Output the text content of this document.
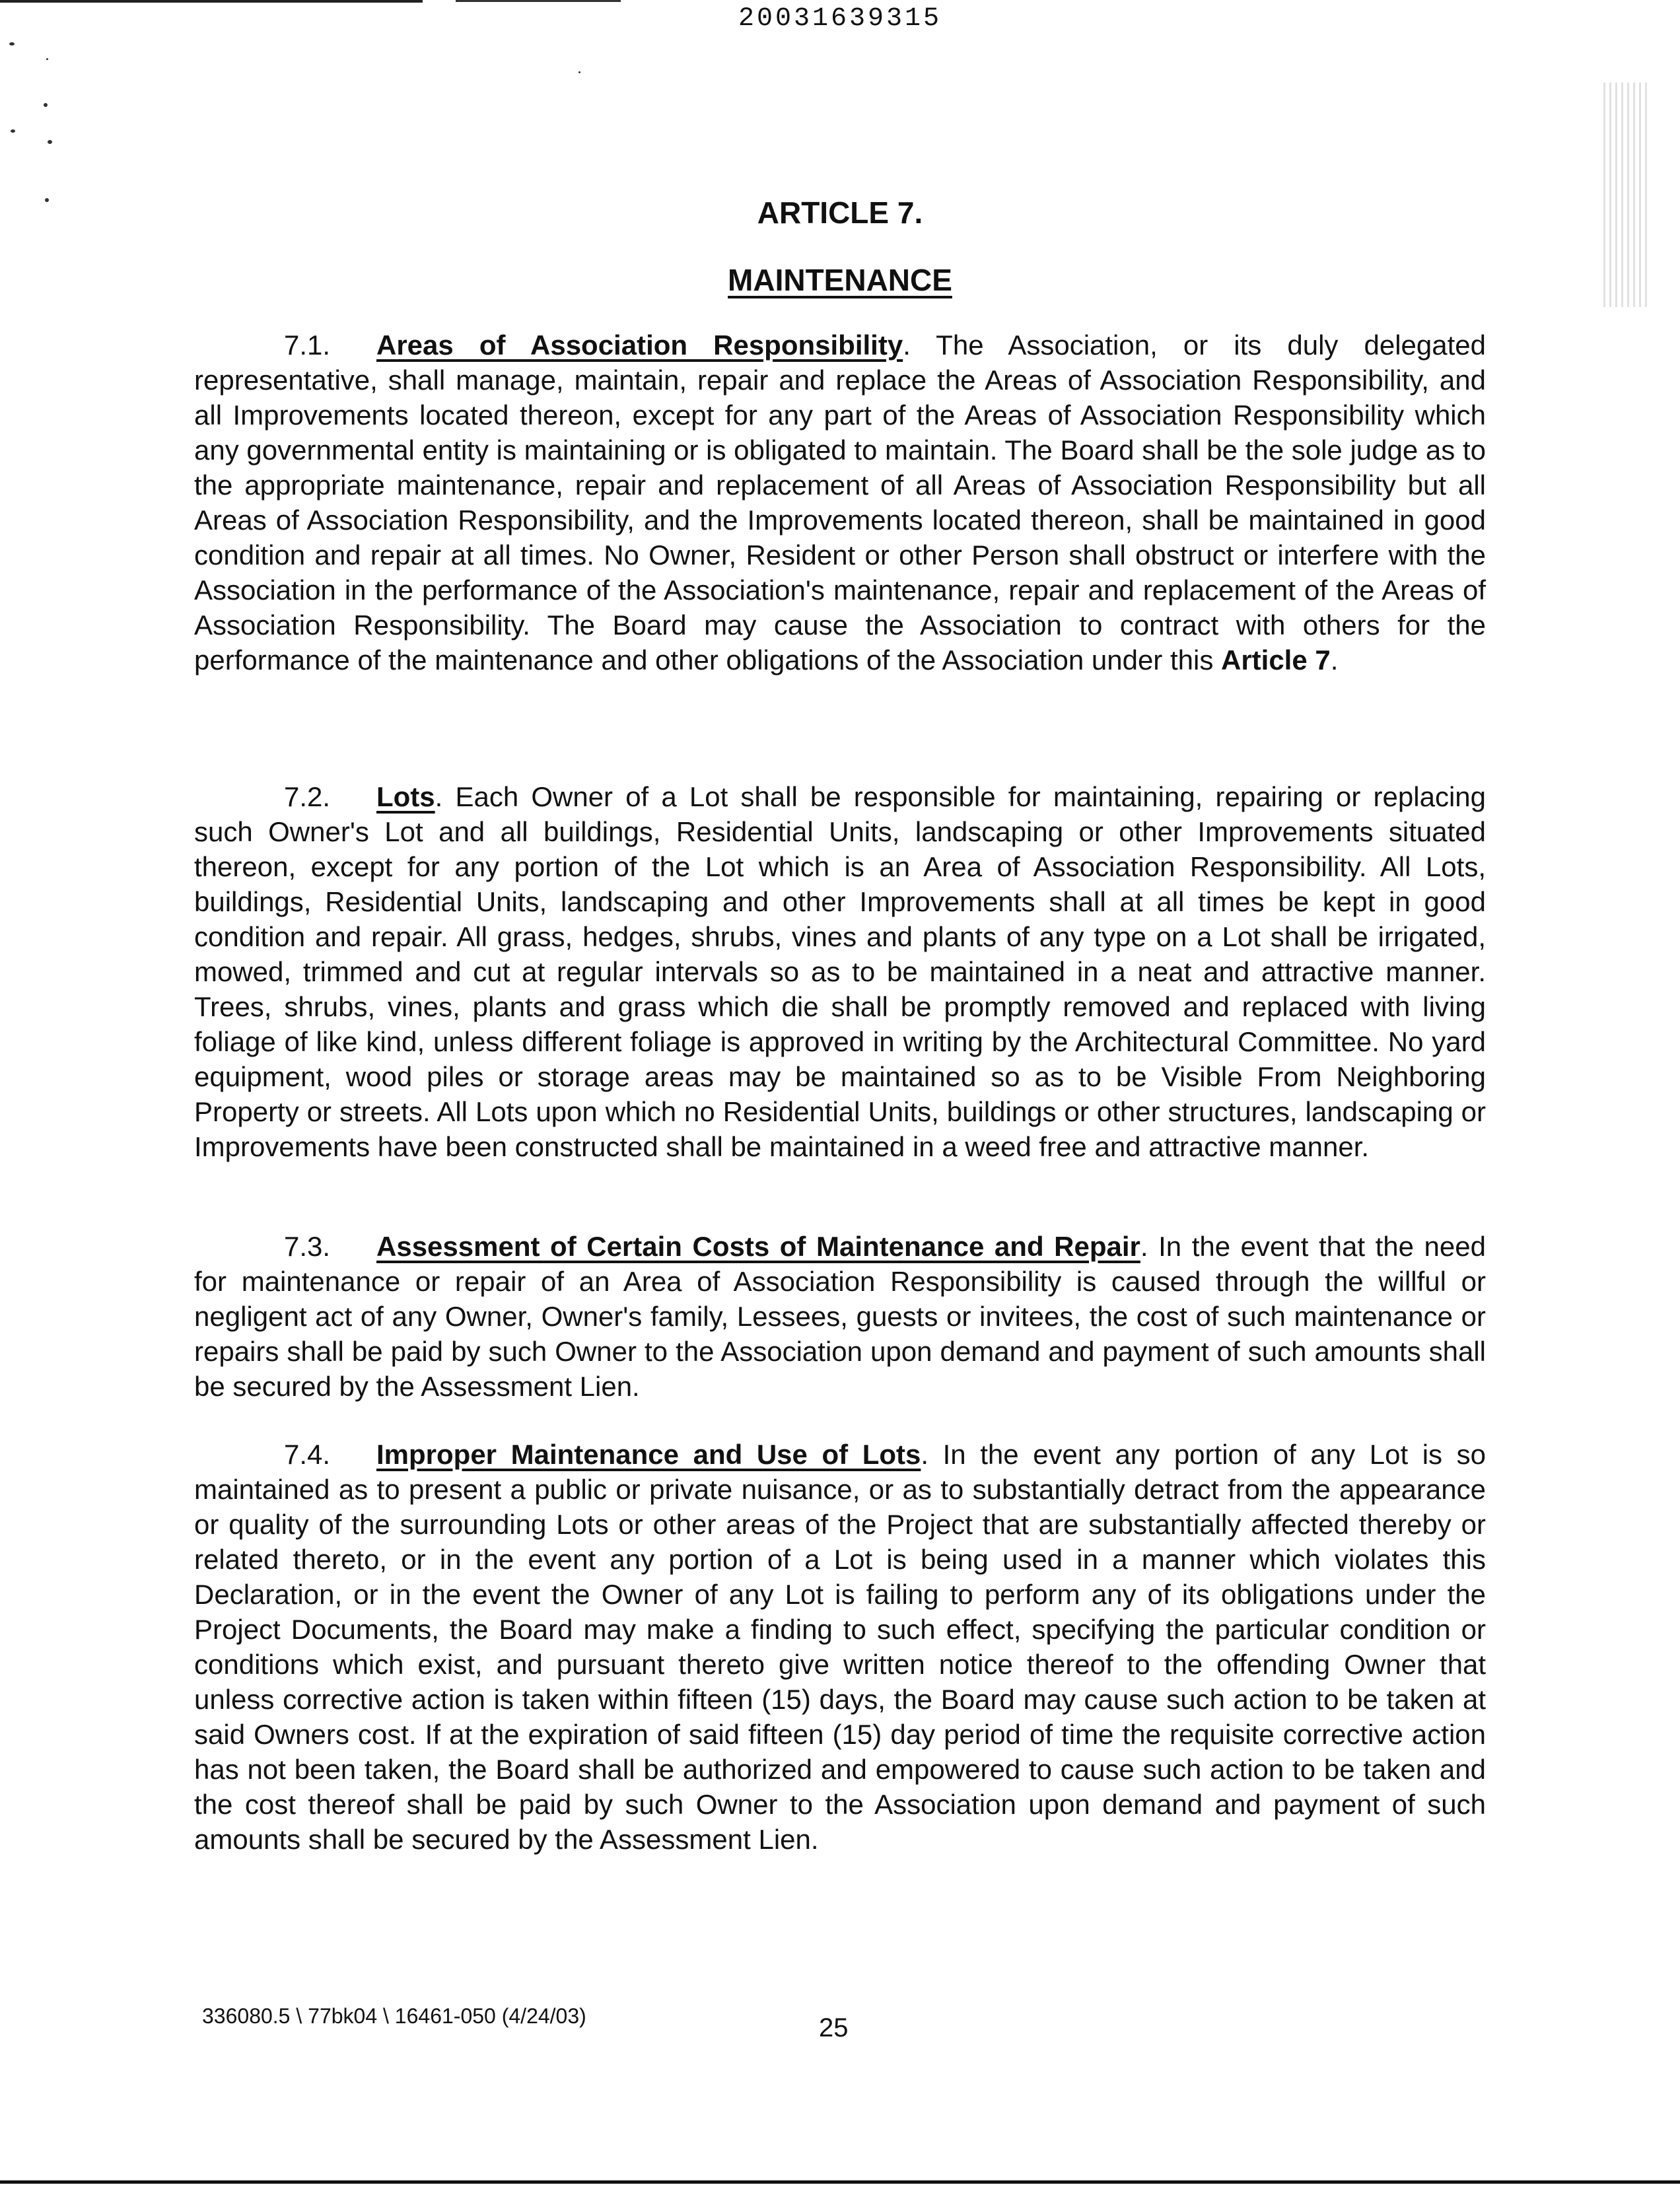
20031639315
ARTICLE 7.
MAINTENANCE

7.1. Areas of Association Responsibility. The Association, or its duly delegated representative, shall manage, maintain, repair and replace the Areas of Association Responsibility, and all Improvements located thereon, except for any part of the Areas of Association Responsibility which any governmental entity is maintaining or is obligated to maintain. The Board shall be the sole judge as to the appropriate maintenance, repair and replacement of all Areas of Association Responsibility but all Areas of Association Responsibility, and the Improvements located thereon, shall be maintained in good condition and repair at all times. No Owner, Resident or other Person shall obstruct or interfere with the Association in the performance of the Association's maintenance, repair and replacement of the Areas of Association Responsibility. The Board may cause the Association to contract with others for the performance of the maintenance and other obligations of the Association under this Article 7.

7.2. Lots. Each Owner of a Lot shall be responsible for maintaining, repairing or replacing such Owner's Lot and all buildings, Residential Units, landscaping or other Improvements situated thereon, except for any portion of the Lot which is an Area of Association Responsibility. All Lots, buildings, Residential Units, landscaping and other Improvements shall at all times be kept in good condition and repair. All grass, hedges, shrubs, vines and plants of any type on a Lot shall be irrigated, mowed, trimmed and cut at regular intervals so as to be maintained in a neat and attractive manner. Trees, shrubs, vines, plants and grass which die shall be promptly removed and replaced with living foliage of like kind, unless different foliage is approved in writing by the Architectural Committee. No yard equipment, wood piles or storage areas may be maintained so as to be Visible From Neighboring Property or streets. All Lots upon which no Residential Units, buildings or other structures, landscaping or Improvements have been constructed shall be maintained in a weed free and attractive manner.

7.3. Assessment of Certain Costs of Maintenance and Repair. In the event that the need for maintenance or repair of an Area of Association Responsibility is caused through the willful or negligent act of any Owner, Owner's family, Lessees, guests or invitees, the cost of such maintenance or repairs shall be paid by such Owner to the Association upon demand and payment of such amounts shall be secured by the Assessment Lien.

7.4. Improper Maintenance and Use of Lots. In the event any portion of any Lot is so maintained as to present a public or private nuisance, or as to substantially detract from the appearance or quality of the surrounding Lots or other areas of the Project that are substantially affected thereby or related thereto, or in the event any portion of a Lot is being used in a manner which violates this Declaration, or in the event the Owner of any Lot is failing to perform any of its obligations under the Project Documents, the Board may make a finding to such effect, specifying the particular condition or conditions which exist, and pursuant thereto give written notice thereof to the offending Owner that unless corrective action is taken within fifteen (15) days, the Board may cause such action to be taken at said Owners cost. If at the expiration of said fifteen (15) day period of time the requisite corrective action has not been taken, the Board shall be authorized and empowered to cause such action to be taken and the cost thereof shall be paid by such Owner to the Association upon demand and payment of such amounts shall be secured by the Assessment Lien.

336080.5 \ 77bk04 \ 16461-050 (4/24/03)	25
